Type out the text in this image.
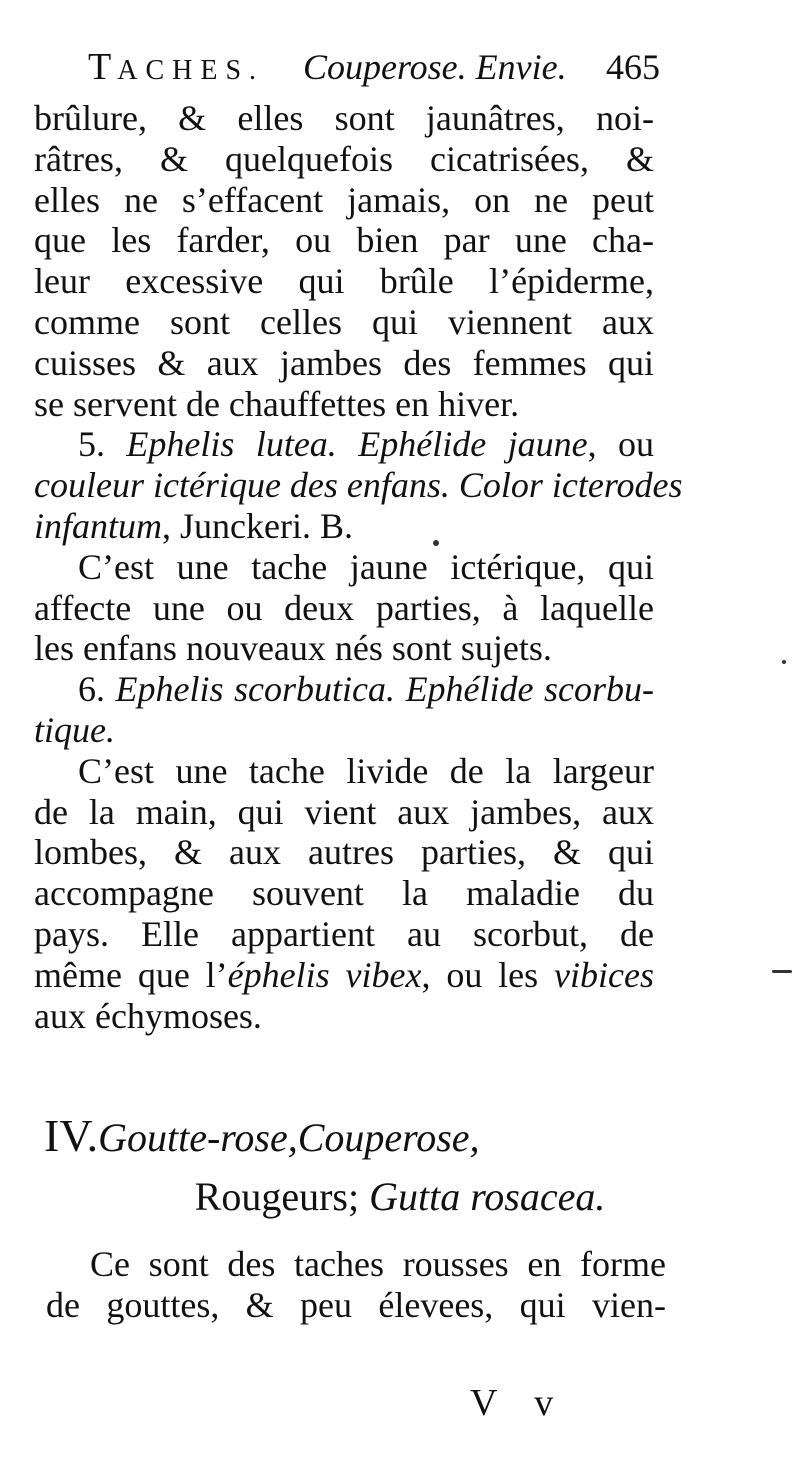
TACHES. Couperose. Envie. 465
brûlure, & elles sont jaunâtres, noi-
râtres, & quelquefois cicatrisées, &
elles ne s’effacent jamais, on ne peut
que les farder, ou bien par une cha-
leur excessive qui brûle l’épiderme,
comme sont celles qui viennent aux
cuisses & aux jambes des femmes qui
se servent de chauffettes en hiver.
5. Ephelis lutea. Ephélide jaune, ou
couleur ictérique des enfans. Color icterodes
infantum, Junckeri. B.
C’est une tache jaune ictérique, qui
affecte une ou deux parties, à laquelle
les enfans nouveaux nés sont sujets.
6. Ephelis scorbutica. Ephélide scorbu-
tique.
C’est une tache livide de la largeur
de la main, qui vient aux jambes, aux
lombes, & aux autres parties, & qui
accompagne souvent la maladie du
pays. Elle appartient au scorbut, de
même que l’éphelis vibex, ou les vibices
aux échymoses.
IV.Goutte-rose,Couperose,
Rougeurs; Gutta rosacea.
Ce sont des taches rousses en forme
de gouttes, & peu élevees, qui vien-
V v
